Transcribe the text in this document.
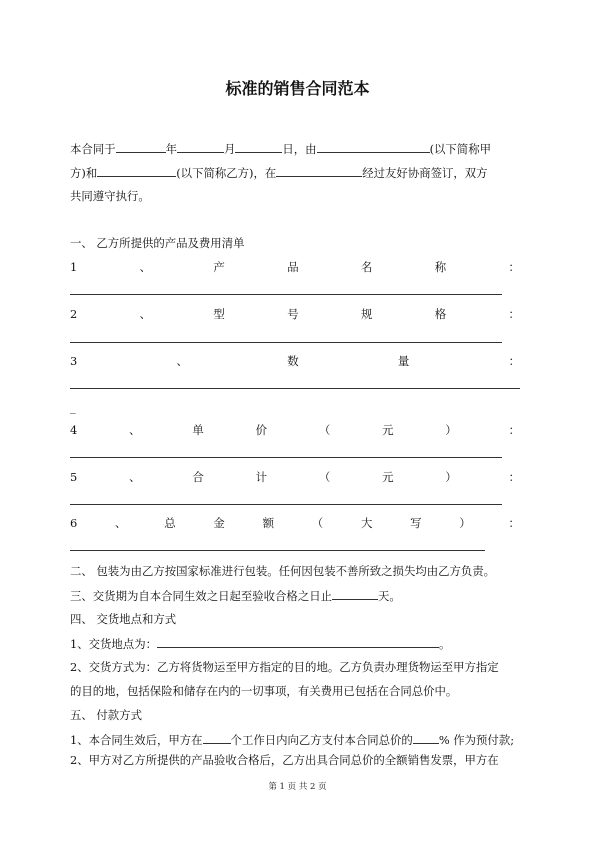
标准的销售合同范本
本合同于	年	月	日，由	(以下简称甲
方)和	(以下简称乙方)，在	经过友好协商签订，双方
共同遵守执行。
一、 乙方所提供的产品及费用清单
1	、	产	品	名	称	：
2	、	型	号	规	格	：
3	、	数	量	：
_
4	、	单	价	（	元	）	：
5	、	合	计	（	元	）	：
6	、	总	金	额	（	大	写	）	：
二、 包装为由乙方按国家标准进行包装。任何因包装不善所致之损失均由乙方负责。
三、交货期为自本合同生效之日起至验收合格之日止	天。
四、 交货地点和方式
1、交货地点为：	。
2、交货方式为：乙方将货物运至甲方指定的目的地。乙方负责办理货物运至甲方指定
的目的地，包括保险和储存在内的一切事项，有关费用已包括在合同总价中。
五、 付款方式
1、本合同生效后，甲方在 个工作日内向乙方支付本合同总价的 % 作为预付款;
2、甲方对乙方所提供的产品验收合格后，乙方出具合同总价的全额销售发票，甲方在
第 1 页 共 2 页
